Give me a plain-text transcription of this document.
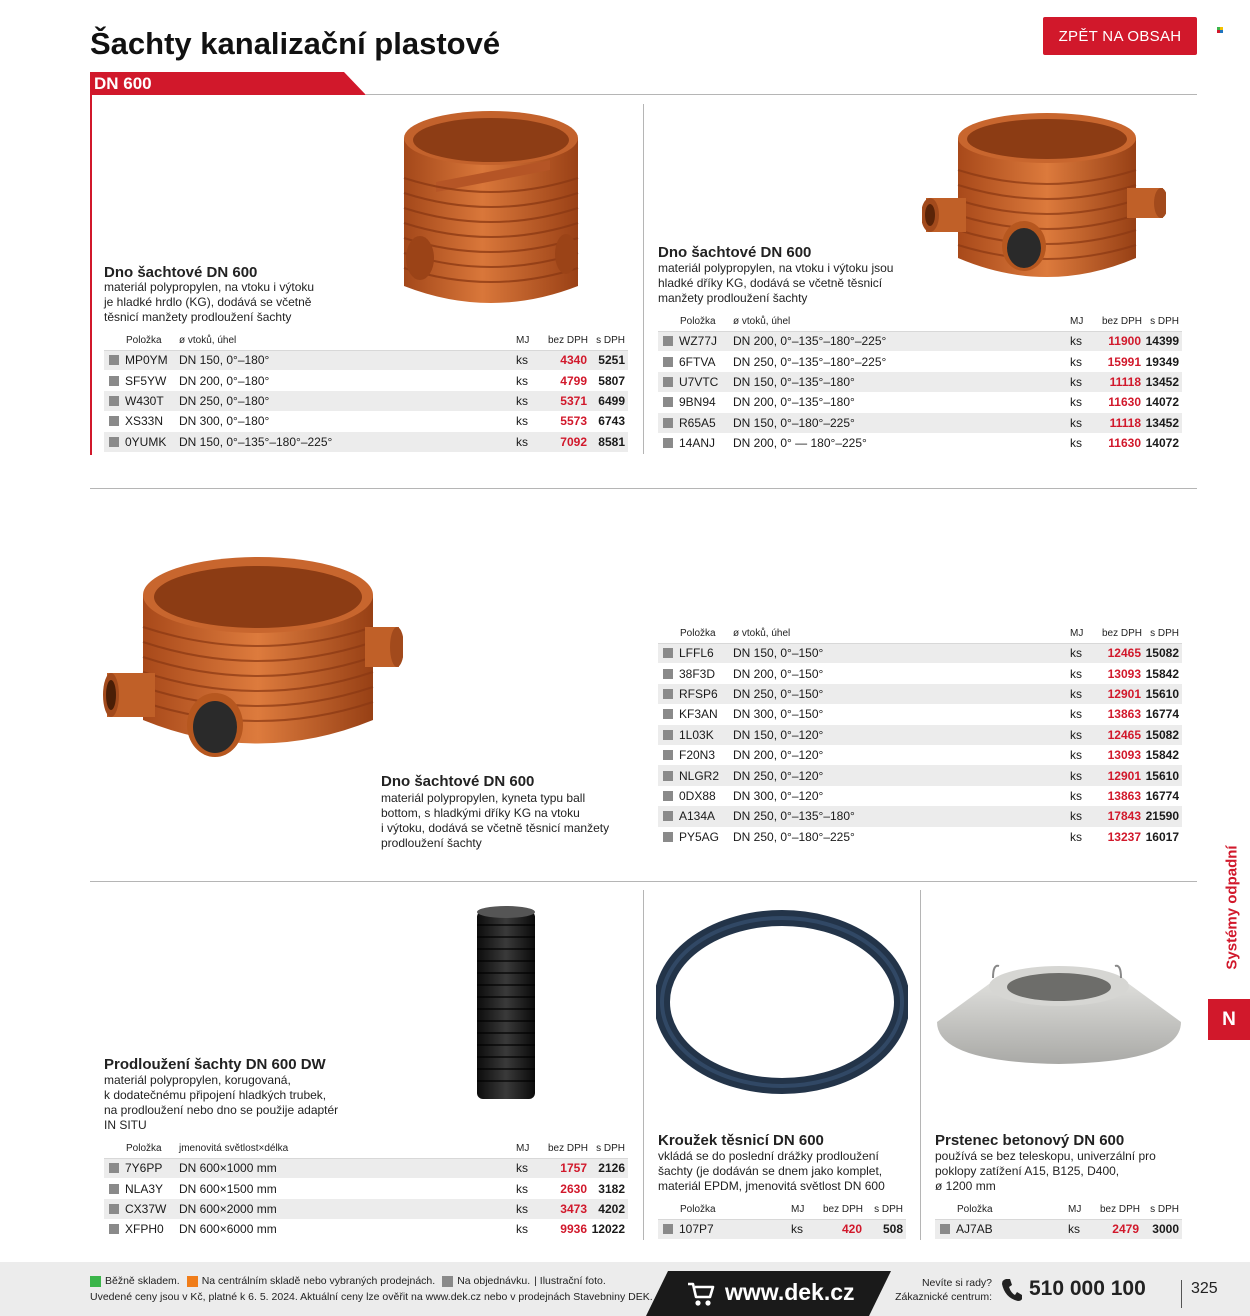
Šachty kanalizační plastové	ZPĚT NA OBSAH
DN 600
Dno šachtové DN 600
materiál polypropylen, na vtoku i výtoku
je hladké hrdlo (KG), dodává se včetně
těsnicí manžety prodloužení šachty
Položka	ø vtoků, úhel	MJ	bez DPH	s DPH
MP0YM	DN 150, 0°–180°	ks	4340	5251
SF5YW	DN 200, 0°–180°	ks	4799	5807
W430T	DN 250, 0°–180°	ks	5371	6499
XS33N	DN 300, 0°–180°	ks	5573	6743
0YUMK	DN 150, 0°–135°–180°–225°	ks	7092	8581
Dno šachtové DN 600
materiál polypropylen, na vtoku i výtoku jsou
hladké dříky KG, dodává se včetně těsnicí
manžety prodloužení šachty
Položka	ø vtoků, úhel	MJ	bez DPH	s DPH
WZ77J	DN 200, 0°–135°–180°–225°	ks	11900	14399
6FTVA	DN 250, 0°–135°–180°–225°	ks	15991	19349
U7VTC	DN 150, 0°–135°–180°	ks	11118	13452
9BN94	DN 200, 0°–135°–180°	ks	11630	14072
R65A5	DN 150, 0°–180°–225°	ks	11118	13452
14ANJ	DN 200, 0° — 180°–225°	ks	11630	14072
Dno šachtové DN 600
materiál polypropylen, kyneta typu ball
bottom, s hladkými dříky KG na vtoku
i výtoku, dodává se včetně těsnicí manžety
prodloužení šachty
Položka	ø vtoků, úhel	MJ	bez DPH	s DPH
LFFL6	DN 150, 0°–150°	ks	12465	15082
38F3D	DN 200, 0°–150°	ks	13093	15842
RFSP6	DN 250, 0°–150°	ks	12901	15610
KF3AN	DN 300, 0°–150°	ks	13863	16774
1L03K	DN 150, 0°–120°	ks	12465	15082
F20N3	DN 200, 0°–120°	ks	13093	15842
NLGR2	DN 250, 0°–120°	ks	12901	15610
0DX88	DN 300, 0°–120°	ks	13863	16774
A134A	DN 250, 0°–135°–180°	ks	17843	21590
PY5AG	DN 250, 0°–180°–225°	ks	13237	16017
Prodloužení šachty DN 600 DW
materiál polypropylen, korugovaná,
k dodatečnému připojení hladkých trubek,
na prodloužení nebo dno se použije adaptér
IN SITU
Položka	jmenovitá světlost×délka	MJ	bez DPH	s DPH
7Y6PP	DN 600×1000 mm	ks	1757	2126
NLA3Y	DN 600×1500 mm	ks	2630	3182
CX37W	DN 600×2000 mm	ks	3473	4202
XFPH0	DN 600×6000 mm	ks	9936	12022
Kroužek těsnicí DN 600
vkládá se do poslední drážky prodloužení
šachty (je dodáván se dnem jako komplet,
materiál EPDM, jmenovitá světlost DN 600
Položka	MJ	bez DPH	s DPH
107P7	ks	420	508
Prstenec betonový DN 600
používá se bez teleskopu, univerzální pro
poklopy zatížení A15, B125, D400,
ø 1200 mm
Položka	MJ	bez DPH	s DPH
AJ7AB	ks	2479	3000
Systémy odpadní
N
Běžně skladem. Na centrálním skladě nebo vybraných prodejnách. Na objednávku. | Ilustrační foto.
Uvedené ceny jsou v Kč, platné k 6. 5. 2024. Aktuální ceny lze ověřit na www.dek.cz nebo v prodejnách Stavebniny DEK.	www.dek.cz	Nevíte si rady?
Zákaznické centrum: 510 000 100	325
